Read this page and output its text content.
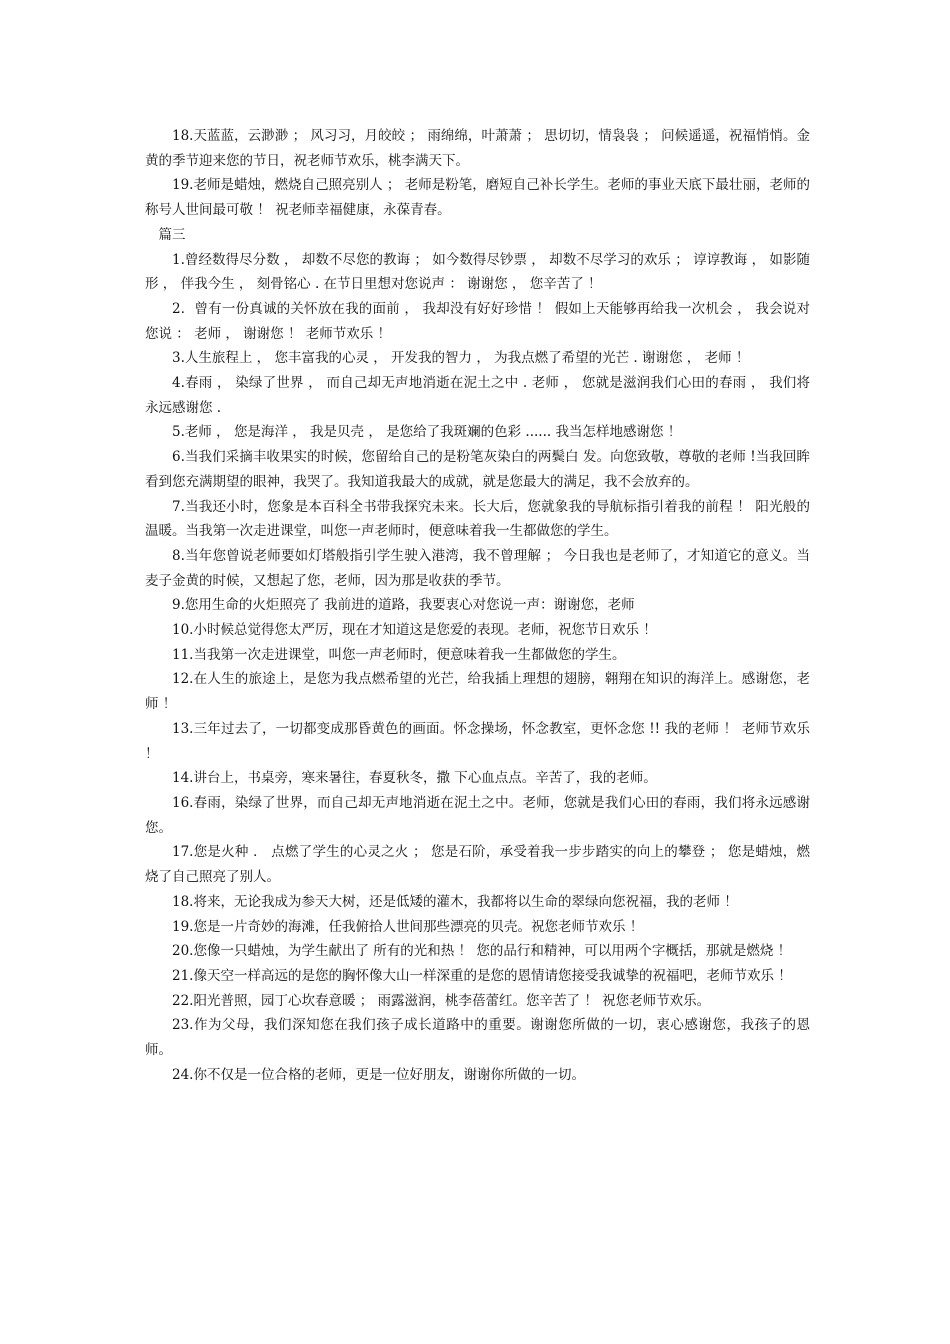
18.天蓝蓝，云渺渺 ； 风习习，月皎皎 ； 雨绵绵，叶萧萧 ； 思切切，情袅袅 ； 问候遥遥，祝福悄悄。金黄的季节迎来您的节日，祝老师节欢乐，桃李满天下。

19.老师是蜡烛，燃烧自己照亮别人 ； 老师是粉笔，磨短自己补长学生。老师的事业天底下最壮丽，老师的称号人世间最可敬 ！ 祝老师幸福健康，永葆青春。

篇三

1.曾经数得尽分数 ， 却数不尽您的教诲 ； 如今数得尽钞票 ， 却数不尽学习的欢乐 ； 谆谆教诲 ， 如影随形 ， 伴我今生 ， 刻骨铭心 . 在节日里想对您说声 ： 谢谢您 ， 您辛苦了 ！

2．曾有一份真诚的关怀放在我的面前 ， 我却没有好好珍惜 ！ 假如上天能够再给我一次机会 ， 我会说对您说 ： 老师 ， 谢谢您 ！ 老师节欢乐 ！

3.人生旅程上 ， 您丰富我的心灵 ， 开发我的智力 ， 为我点燃了希望的光芒 . 谢谢您 ， 老师 ！

4.春雨 ， 染绿了世界 ， 而自己却无声地消逝在泥土之中 . 老师 ， 您就是滋润我们心田的春雨 ， 我们将永远感谢您 .

5.老师 ， 您是海洋 ， 我是贝壳 ， 是您给了我斑斓的色彩 ...... 我当怎样地感谢您 ！

6.当我们采摘丰收果实的时候，您留给自己的是粉笔灰染白的两鬓白 发。向您致敬，尊敬的老师 !当我回眸看到您充满期望的眼神，我哭了。我知道我最大的成就，就是您最大的满足，我不会放弃的。

7.当我还小时，您象是本百科全书带我探究未来。长大后，您就象我的导航标指引着我的前程 ！ 阳光般的温暖。当我第一次走进课堂，叫您一声老师时，便意味着我一生都做您的学生。

8.当年您曾说老师要如灯塔般指引学生驶入港湾，我不曾理解 ； 今日我也是老师了，才知道它的意义。当麦子金黄的时候，又想起了您，老师，因为那是收获的季节。

9.您用生命的火炬照亮了 我前进的道路，我要衷心对您说一声：谢谢您，老师

10.小时候总觉得您太严厉，现在才知道这是您爱的表现。老师，祝您节日欢乐 ！

11.当我第一次走进课堂，叫您一声老师时，便意味着我一生都做您的学生。

12.在人生的旅途上，是您为我点燃希望的光芒，给我插上理想的翅膀，翱翔在知识的海洋上。感谢您，老师 ！

13.三年过去了，一切都变成那昏黄色的画面。怀念操场，怀念教室，更怀念您 !! 我的老师 ！ 老师节欢乐 ！

14.讲台上，书桌旁，寒来暑往，春夏秋冬，撒 下心血点点。辛苦了，我的老师。

16.春雨，染绿了世界，而自己却无声地消逝在泥土之中。老师，您就是我们心田的春雨，我们将永远感谢您。

17.您是火种 ． 点燃了学生的心灵之火 ； 您是石阶，承受着我一步步踏实的向上的攀登 ； 您是蜡烛，燃烧了自己照亮了别人。

18.将来，无论我成为参天大树，还是低矮的灌木，我都将以生命的翠绿向您祝福，我的老师 ！

19.您是一片奇妙的海滩，任我俯拾人世间那些漂亮的贝壳。祝您老师节欢乐 ！

20.您像一只蜡烛，为学生献出了 所有的光和热 ！ 您的品行和精神，可以用两个字概括，那就是燃烧 ！

21.像天空一样高远的是您的胸怀像大山一样深重的是您的恩情请您接受我诚挚的祝福吧，老师节欢乐 ！

22.阳光普照，园丁心坎春意暖 ； 雨露滋润，桃李蓓蕾红。您辛苦了 ！ 祝您老师节欢乐。

23.作为父母，我们深知您在我们孩子成长道路中的重要。谢谢您所做的一切，衷心感谢您，我孩子的恩师。

24.你不仅是一位合格的老师，更是一位好朋友，谢谢你所做的一切。
